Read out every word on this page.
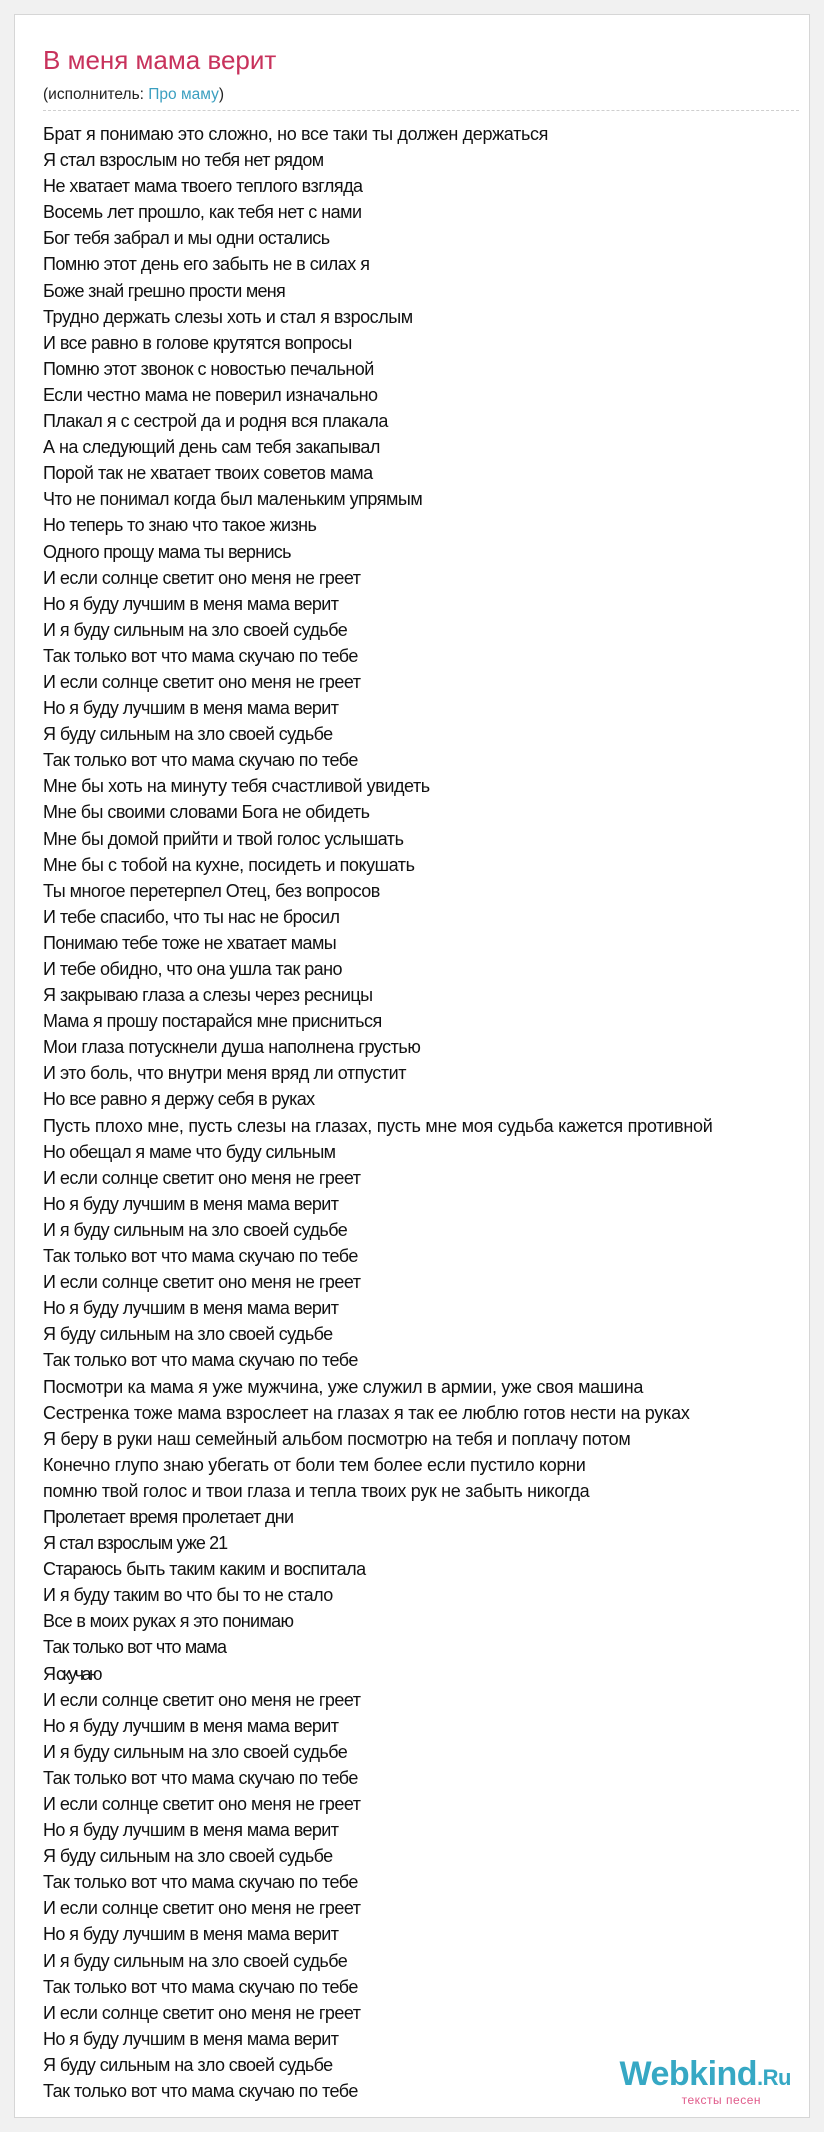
В меня мама верит
(исполнитель: Про маму)
Брат я понимаю это сложно, но все таки ты должен держаться
Я стал взрослым но тебя нет рядом
Не хватает мама твоего теплого взгляда
Восемь лет прошло, как тебя нет с нами
Бог тебя забрал и мы одни остались
Помню этот день его забыть не в силах я
Боже знай грешно прости меня
Трудно держать слезы хоть и стал я взрослым
И все равно в голове крутятся вопросы
Помню этот звонок с новостью печальной
Если честно мама не поверил изначально
Плакал я с сестрой да и родня вся плакала
А на следующий день сам тебя закапывал
Порой так не хватает твоих советов мама
Что не понимал когда был маленьким упрямым
Но теперь то знаю что такое жизнь
Одного прощу мама ты вернись
И если солнце светит оно меня не греет
Но я буду лучшим в меня мама верит
И я буду сильным на зло своей судьбе
Так только вот что мама скучаю по тебе
И если солнце светит оно меня не греет
Но я буду лучшим в меня мама верит
Я буду сильным на зло своей судьбе
Так только вот что мама скучаю по тебе
Мне бы хоть на минуту тебя счастливой увидеть
Мне бы своими словами Бога не обидеть
Мне бы домой прийти и твой голос услышать
Мне бы с тобой на кухне, посидеть и покушать
Ты многое перетерпел Отец, без вопросов
И тебе спасибо, что ты нас не бросил
Понимаю тебе тоже не хватает мамы
И тебе обидно, что она ушла так рано
Я закрываю глаза а слезы через ресницы
Мама я прошу постарайся мне присниться
Мои глаза потускнели душа наполнена грустью
И это боль, что внутри меня вряд ли отпустит
Но все равно я держу себя в руках
Пусть плохо мне, пусть слезы на глазах, пусть мне моя судьба кажется противной
Но обещал я маме что буду сильным
И если солнце светит оно меня не греет
Но я буду лучшим в меня мама верит
И я буду сильным на зло своей судьбе
Так только вот что мама скучаю по тебе
И если солнце светит оно меня не греет
Но я буду лучшим в меня мама верит
Я буду сильным на зло своей судьбе
Так только вот что мама скучаю по тебе
Посмотри ка мама я уже мужчина, уже служил в армии, уже своя машина
Сестренка тоже мама взрослеет на глазах я так ее люблю готов нести на руках
Я беру в руки наш семейный альбом посмотрю на тебя и поплачу потом
Конечно глупо знаю убегать от боли тем более если пустило корни
помню твой голос и твои глаза и тепла твоих рук не забыть никогда
Пролетает время пролетает дни
Я стал взрослым уже 21
Стараюсь быть таким каким и воспитала
И я буду таким во что бы то не стало
Все в моих руках я это понимаю
Так только вот что мама
Я скучаю
И если солнце светит оно меня не греет
Но я буду лучшим в меня мама верит
И я буду сильным на зло своей судьбе
Так только вот что мама скучаю по тебе
И если солнце светит оно меня не греет
Но я буду лучшим в меня мама верит
Я буду сильным на зло своей судьбе
Так только вот что мама скучаю по тебе
И если солнце светит оно меня не греет
Но я буду лучшим в меня мама верит
И я буду сильным на зло своей судьбе
Так только вот что мама скучаю по тебе
И если солнце светит оно меня не греет
Но я буду лучшим в меня мама верит
Я буду сильным на зло своей судьбе
Так только вот что мама скучаю по тебе	Webkind.Ru
тексты песен
